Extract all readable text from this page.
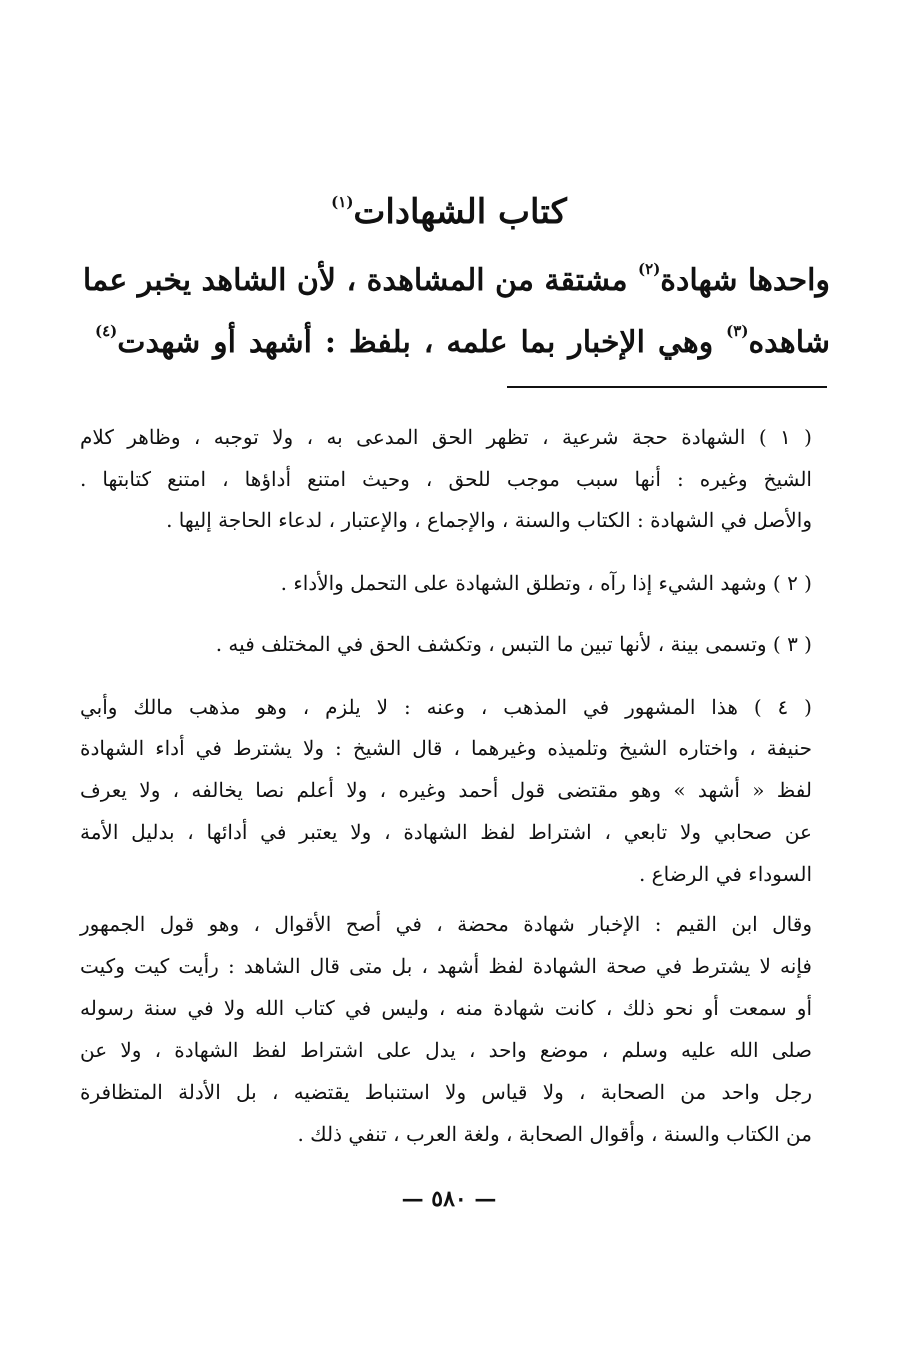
كتاب الشهادات$^{(١)}$
واحدها شهادة$^{(٢)}$ مشتقة من المشاهدة ، لأن الشاهد يخبر عما
شاهده$^{(٣)}$ وهي الإخبار بما علمه ، بلفظ : أشهد أو شهدت$^{(٤)}$
( ١ ) الشهادة حجة شرعية ، تظهر الحق المدعى به ، ولا توجبه ، وظاهر كلام
الشيخ وغيره : أنها سبب موجب للحق ، وحيث امتنع أداؤها ، امتنع كتابتها .
والأصل في الشهادة : الكتاب والسنة ، والإجماع ، والإعتبار ، لدعاء الحاجة إليها .
( ٢ ) وشهد الشيء إذا رآه ، وتطلق الشهادة على التحمل والأداء .
( ٣ ) وتسمى بينة ، لأنها تبين ما التبس ، وتكشف الحق في المختلف فيه .
( ٤ ) هذا المشهور في المذهب ، وعنه : لا يلزم ، وهو مذهب مالك وأبي
حنيفة ، واختاره الشيخ وتلميذه وغيرهما ، قال الشيخ : ولا يشترط في أداء الشهادة
لفظ « أشهد » وهو مقتضى قول أحمد وغيره ، ولا أعلم نصا يخالفه ، ولا يعرف
عن صحابي ولا تابعي ، اشتراط لفظ الشهادة ، ولا يعتبر في أدائها ، بدليل الأمة
السوداء في الرضاع .
وقال ابن القيم : الإخبار شهادة محضة ، في أصح الأقوال ، وهو قول الجمهور
فإنه لا يشترط في صحة الشهادة لفظ أشهد ، بل متى قال الشاهد : رأيت كيت وكيت
أو سمعت أو نحو ذلك ، كانت شهادة منه ، وليس في كتاب الله ولا في سنة رسوله
صلى الله عليه وسلم ، موضع واحد ، يدل على اشتراط لفظ الشهادة ، ولا عن
رجل واحد من الصحابة ، ولا قياس ولا استنباط يقتضيه ، بل الأدلة المتظافرة
من الكتاب والسنة ، وأقوال الصحابة ، ولغة العرب ، تنفي ذلك .
— ٥٨٠ —
